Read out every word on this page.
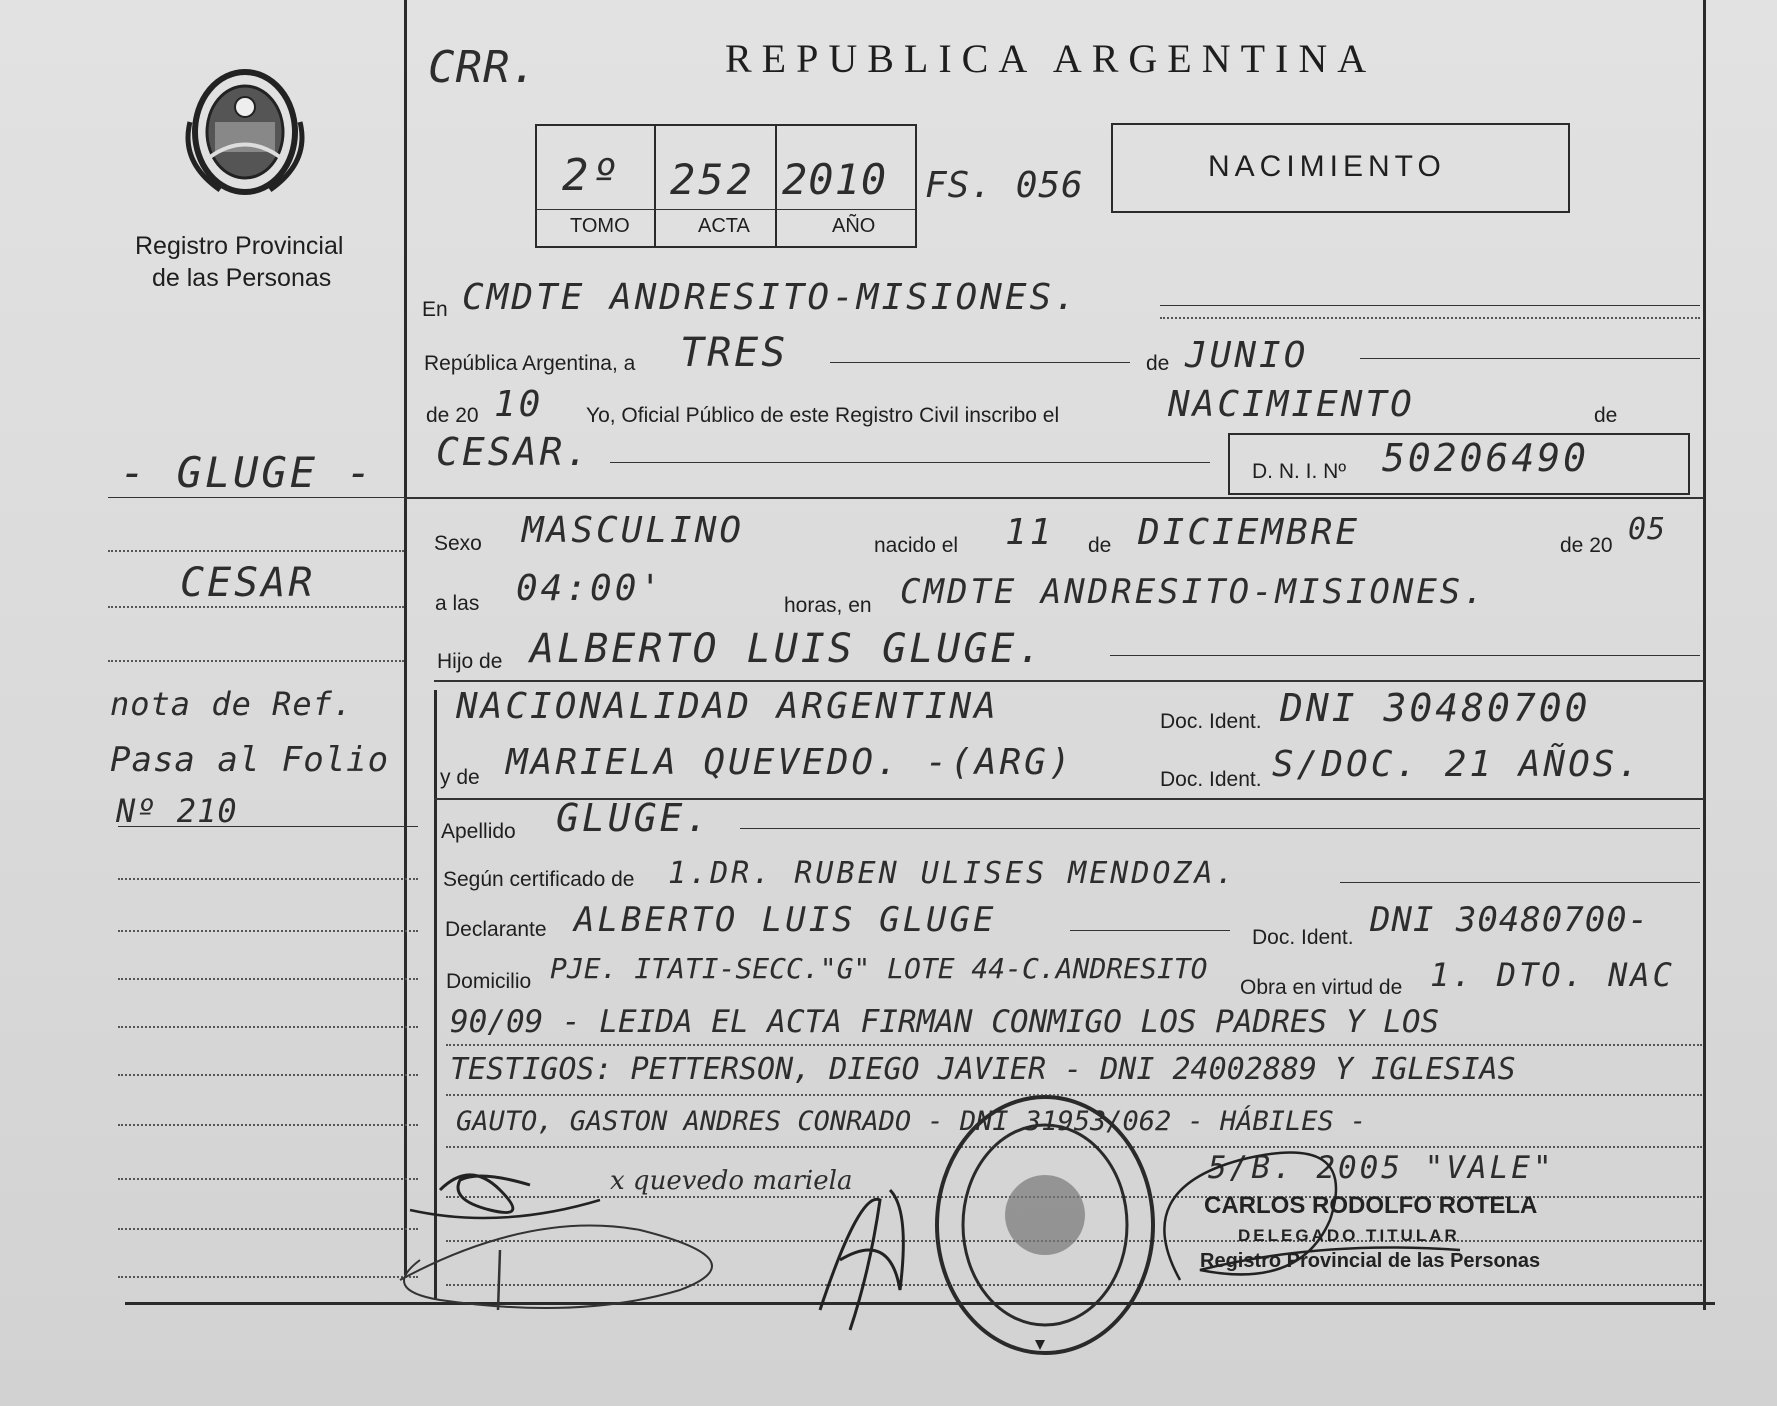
Registro Provincial
de las Personas
- GLUGE -
CESAR
nota de Ref.
Pasa al Folio
Nº 210
CRR.	REPUBLICA ARGENTINA
2º 252 2010
TOMO	ACTA	AÑO
FS. 056	NACIMIENTO
En CMDTE ANDRESITO-MISIONES.
República Argentina, a TRES	de JUNIO
de 20 10 Yo, Oficial Público de este Registro Civil inscribo el	NACIMIENTO	de
CESAR.	D. N. I. Nº 50206490
Sexo MASCULINO	nacido el 11 de DICIEMBRE	de 20 05
a las 04:00'	horas, en CMDTE ANDRESITO-MISIONES.
Hijo de ALBERTO LUIS GLUGE.
NACIONALIDAD ARGENTINA	Doc. Ident. DNI 30480700
y de MARIELA QUEVEDO. -(ARG)	Doc. Ident. S/DOC. 21 AÑOS.
Apellido GLUGE.
Según certificado de 1.DR. RUBEN ULISES MENDOZA.
Declarante ALBERTO LUIS GLUGE	Doc. Ident. DNI 30480700-
Domicilio PJE. ITATI-SECC."G" LOTE 44-C.ANDRESITO
Obra en virtud de 1. DTO. NAC
90/09 - LEIDA EL ACTA FIRMAN CONMIGO LOS PADRES Y LOS
TESTIGOS: PETTERSON, DIEGO JAVIER - DNI 24002889 Y IGLESIAS
GAUTO, GASTON ANDRES CONRADO - DNI 31953/062 - HÁBILES -
5/B. 2005 "VALE"
x quevedo mariela
CARLOS RODOLFO ROTELA
DELEGADO TITULAR
Registro Provincial de las Personas
